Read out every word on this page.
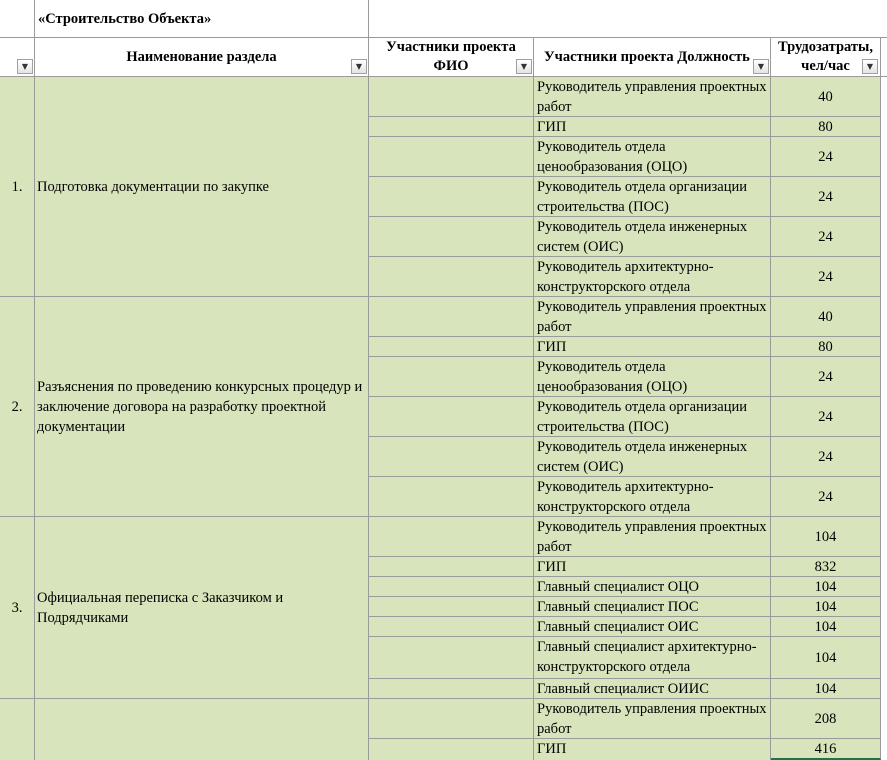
«Строительство Объекта»
▼
Наименование раздела
▼
Участники проекта ФИО	▼
Участники проекта Должность
▼
Трудозатраты, чел/час	▼
1. Подготовка документации по закупке
Руководитель управления проектных работ
ГИП
Руководитель отдела ценообразования (ОЦО)
Руководитель отдела организации строительства (ПОС)
Руководитель отдела инженерных систем (ОИС)
Руководитель архитектурно-конструкторского отдела
40
80
24
24
24
24
2.
Разъяснения по проведению конкурсных процедур и заключение договора на разработку проектной документации
Руководитель управления проектных работ
ГИП
Руководитель отдела ценообразования (ОЦО)
Руководитель отдела организации строительства (ПОС)
Руководитель отдела инженерных систем (ОИС)
Руководитель архитектурно-конструкторского отдела
40
80
24
24
24
24
3.
Официальная переписка с Заказчиком и Подрядчиками
Руководитель управления проектных работ
ГИП
Главный специалист ОЦО
Главный специалист ПОС
Главный специалист ОИС
Главный специалист архитектурно-конструкторского отдела
Главный специалист ОИИС
104
832
104
104
104
104
104
Руководитель управления проектных работ
ГИП
208
416
